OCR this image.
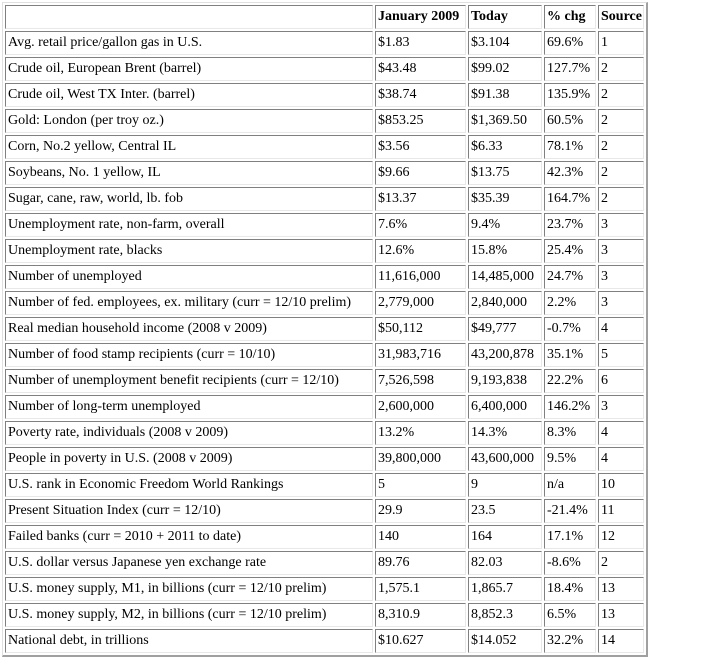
	January 2009	Today	% chg	Source
Avg. retail price/gallon gas in U.S.	$1.83	$3.104	69.6%	1
Crude oil, European Brent (barrel)	$43.48	$99.02	127.7%	2
Crude oil, West TX Inter. (barrel)	$38.74	$91.38	135.9%	2
Gold: London (per troy oz.)	$853.25	$1,369.50	60.5%	2
Corn, No.2 yellow, Central IL	$3.56	$6.33	78.1%	2
Soybeans, No. 1 yellow, IL	$9.66	$13.75	42.3%	2
Sugar, cane, raw, world, lb. fob	$13.37	$35.39	164.7%	2
Unemployment rate, non-farm, overall	7.6%	9.4%	23.7%	3
Unemployment rate, blacks	12.6%	15.8%	25.4%	3
Number of unemployed	11,616,000	14,485,000	24.7%	3
Number of fed. employees, ex. military (curr = 12/10 prelim)	2,779,000	2,840,000	2.2%	3
Real median household income (2008 v 2009)	$50,112	$49,777	-0.7%	4
Number of food stamp recipients (curr = 10/10)	31,983,716	43,200,878	35.1%	5
Number of unemployment benefit recipients (curr = 12/10)	7,526,598	9,193,838	22.2%	6
Number of long-term unemployed	2,600,000	6,400,000	146.2%	3
Poverty rate, individuals (2008 v 2009)	13.2%	14.3%	8.3%	4
People in poverty in U.S. (2008 v 2009)	39,800,000	43,600,000	9.5%	4
U.S. rank in Economic Freedom World Rankings	5	9	n/a	10
Present Situation Index (curr = 12/10)	29.9	23.5	-21.4%	11
Failed banks (curr = 2010 + 2011 to date)	140	164	17.1%	12
U.S. dollar versus Japanese yen exchange rate	89.76	82.03	-8.6%	2
U.S. money supply, M1, in billions (curr = 12/10 prelim)	1,575.1	1,865.7	18.4%	13
U.S. money supply, M2, in billions (curr = 12/10 prelim)	8,310.9	8,852.3	6.5%	13
National debt, in trillions	$10.627	$14.052	32.2%	14
